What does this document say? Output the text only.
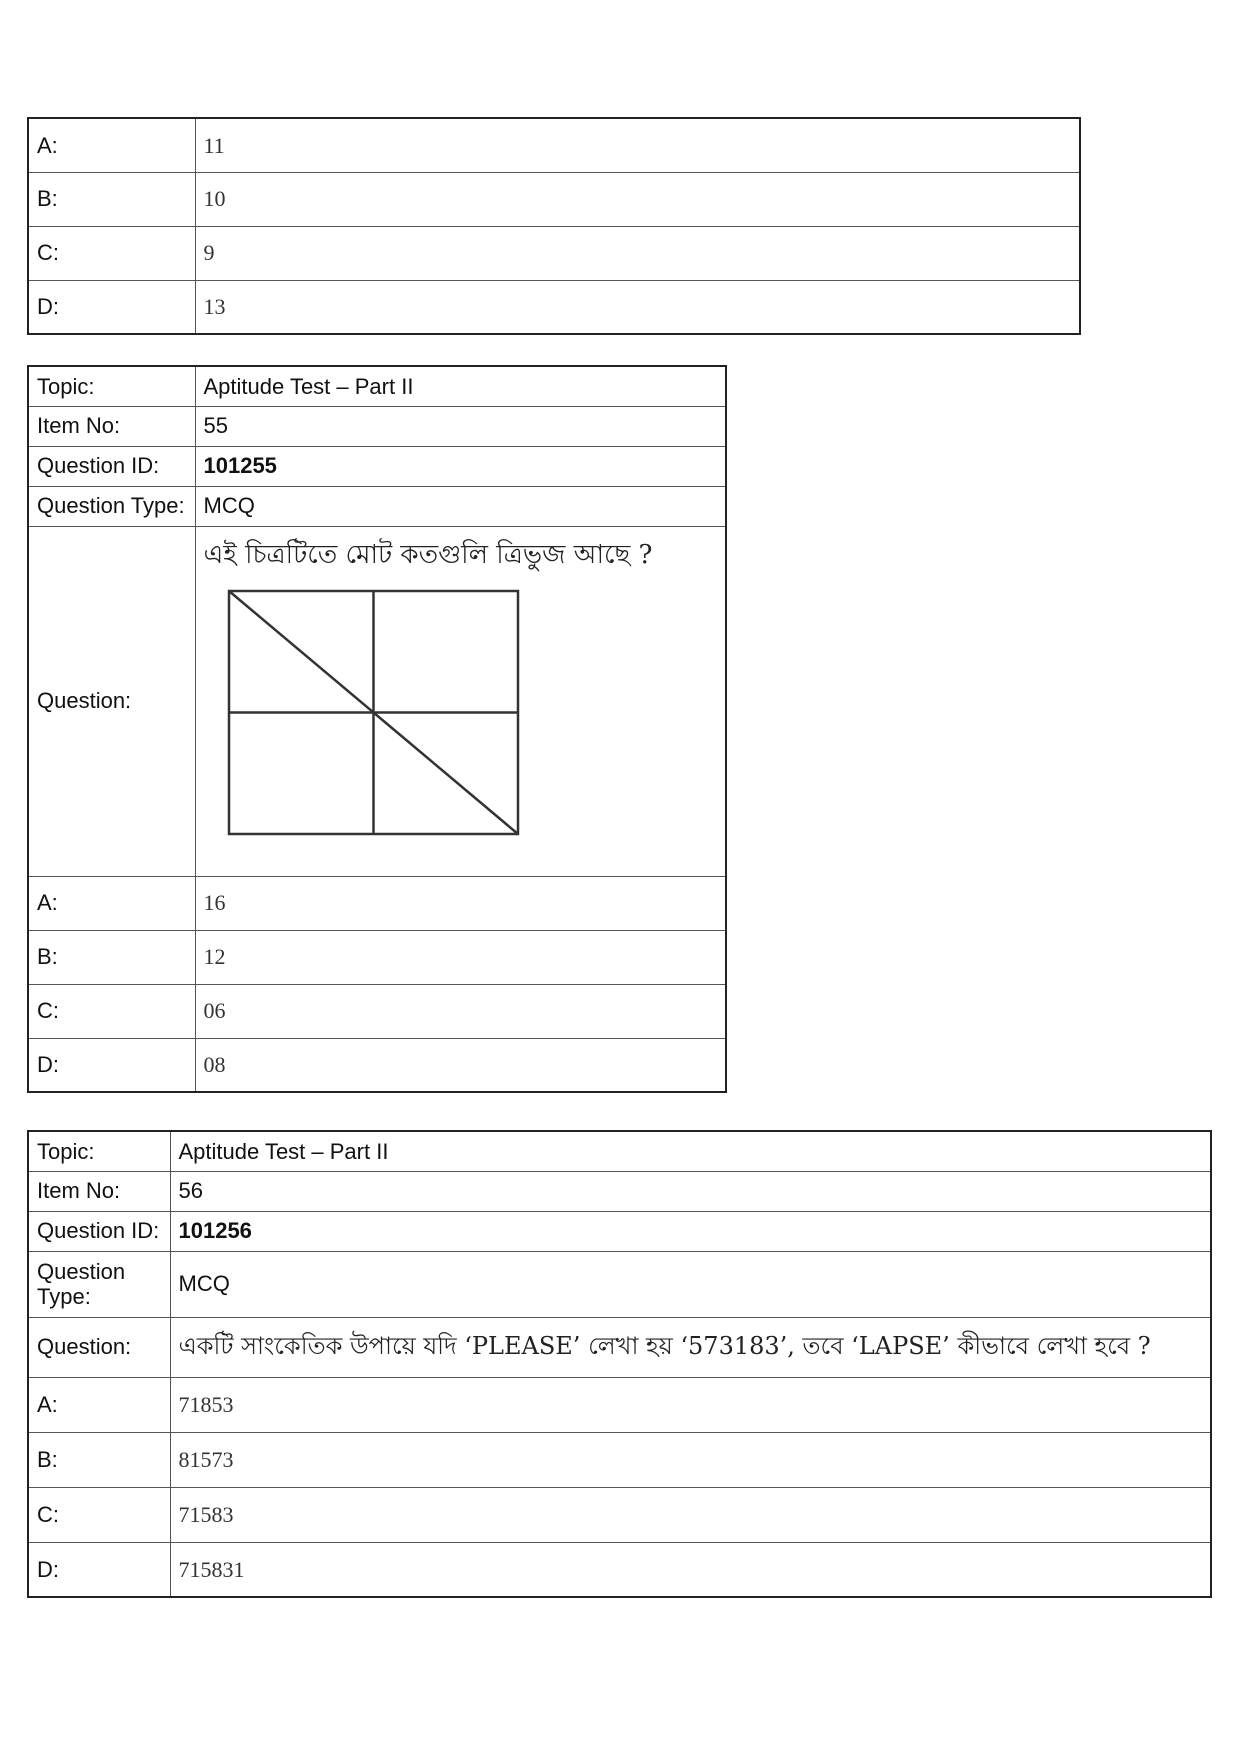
A:	11
B:	10
C:	9
D:	13
Topic:	Aptitude Test – Part II
Item No:	55
Question ID:	101255
Question Type:	MCQ
Question:	এই চিত্রটিতে মোট কতগুলি ত্রিভুজ আছে ?

A:	16
B:	12
C:	06
D:	08
Topic:	Aptitude Test – Part II
Item No:	56
Question ID:	101256
Question Type:	MCQ
Question:	একটি সাংকেতিক উপায়ে যদি ‘PLEASE’ লেখা হয় ‘573183’, তবে ‘LAPSE’ কীভাবে লেখা হবে ?
A:	71853
B:	81573
C:	71583
D:	715831
